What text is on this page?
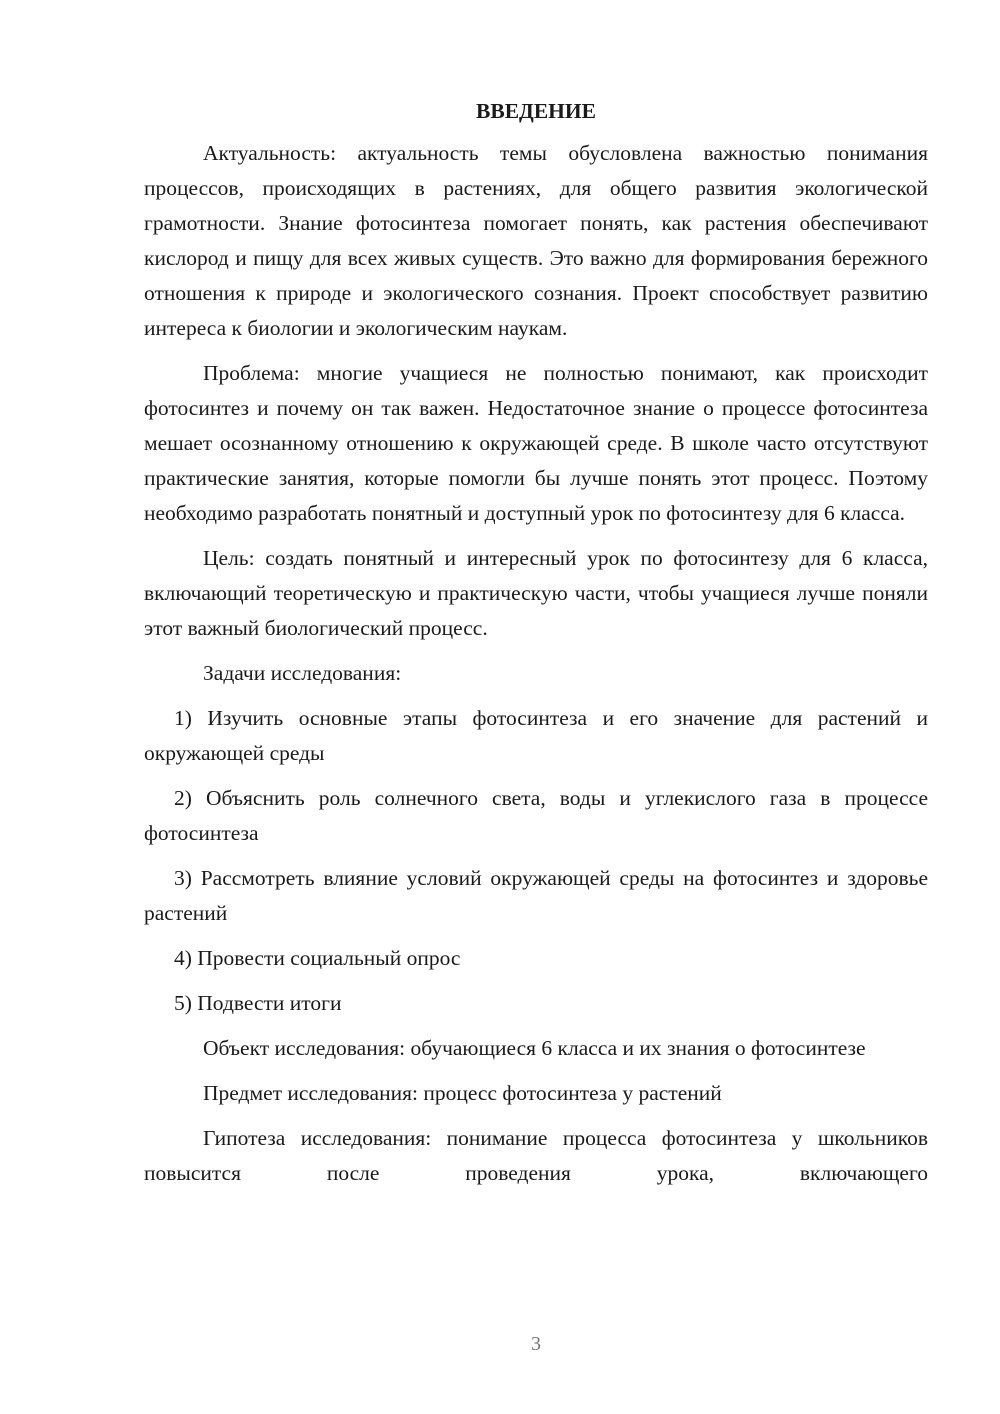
ВВЕДЕНИЕ

Актуальность: актуальность темы обусловлена важностью понимания процессов, происходящих в растениях, для общего развития экологической грамотности. Знание фотосинтеза помогает понять, как растения обеспечивают кислород и пищу для всех живых существ. Это важно для формирования бережного отношения к природе и экологического сознания. Проект способствует развитию интереса к биологии и экологическим наукам.

Проблема: многие учащиеся не полностью понимают, как происходит фотосинтез и почему он так важен. Недостаточное знание о процессе фотосинтеза мешает осознанному отношению к окружающей среде. В школе часто отсутствуют практические занятия, которые помогли бы лучше понять этот процесс. Поэтому необходимо разработать понятный и доступный урок по фотосинтезу для 6 класса.

Цель: создать понятный и интересный урок по фотосинтезу для 6 класса, включающий теоретическую и практическую части, чтобы учащиеся лучше поняли этот важный биологический процесс.

Задачи исследования:

1) Изучить основные этапы фотосинтеза и его значение для растений и окружающей среды

2) Объяснить роль солнечного света, воды и углекислого газа в процессе фотосинтеза

3) Рассмотреть влияние условий окружающей среды на фотосинтез и здоровье растений

4) Провести социальный опрос

5) Подвести итоги

Объект исследования: обучающиеся 6 класса и их знания о фотосинтезе

Предмет исследования: процесс фотосинтеза у растений

Гипотеза исследования: понимание процесса фотосинтеза у школьников повысится после проведения урока, включающего

3
